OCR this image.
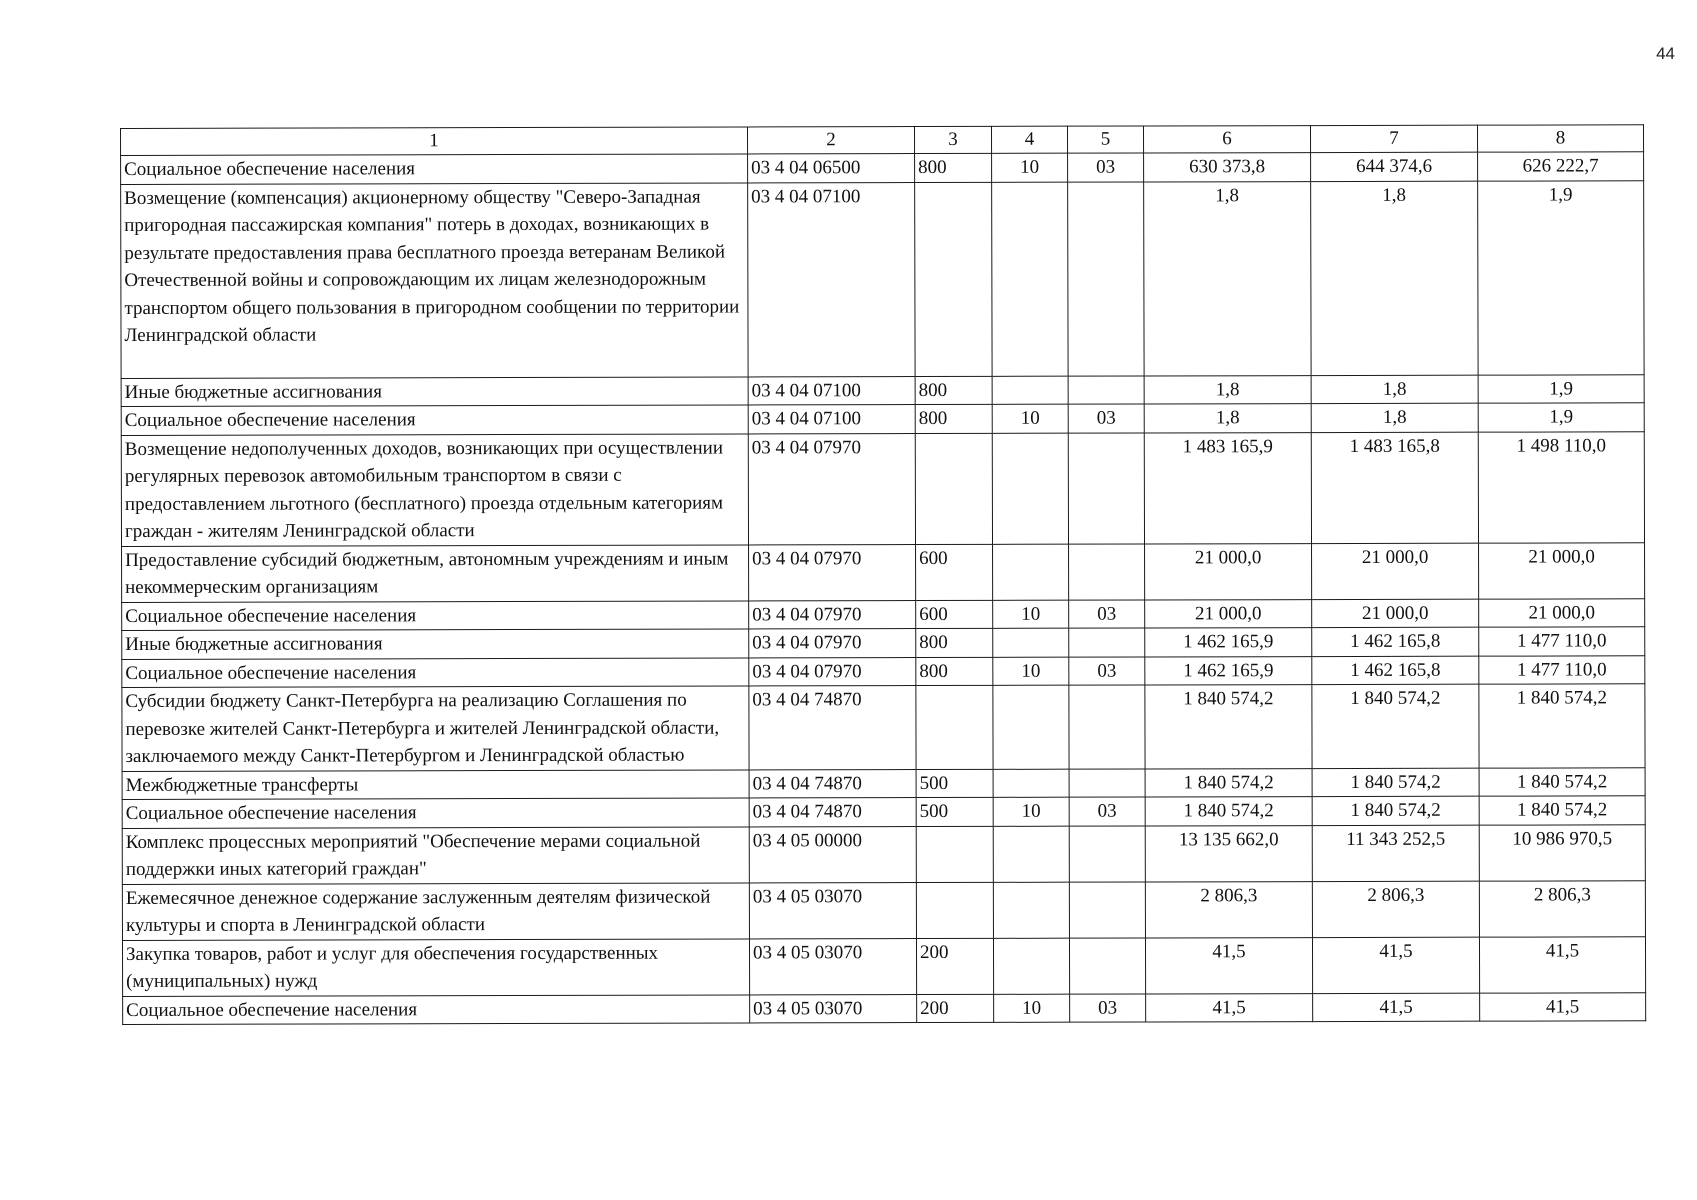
44
1	2	3	4	5	6	7	8
Социальное обеспечение населения	03 4 04 06500	800	10	03	630 373,8	644 374,6	626 222,7
Возмещение (компенсация) акционерному обществу "Северо-Западная пригородная пассажирская компания" потерь в доходах, возникающих в результате предоставления права бесплатного проезда ветеранам Великой Отечественной войны и сопровождающим их лицам железнодорожным транспортом общего пользования в пригородном сообщении по территории Ленинградской области	03 4 04 07100				1,8	1,8	1,9
Иные бюджетные ассигнования	03 4 04 07100	800			1,8	1,8	1,9
Социальное обеспечение населения	03 4 04 07100	800	10	03	1,8	1,8	1,9
Возмещение недополученных доходов, возникающих при осуществлении регулярных перевозок автомобильным транспортом в связи с предоставлением льготного (бесплатного) проезда отдельным категориям граждан - жителям Ленинградской области	03 4 04 07970				1 483 165,9	1 483 165,8	1 498 110,0
Предоставление субсидий бюджетным, автономным учреждениям и иным некоммерческим организациям	03 4 04 07970	600			21 000,0	21 000,0	21 000,0
Социальное обеспечение населения	03 4 04 07970	600	10	03	21 000,0	21 000,0	21 000,0
Иные бюджетные ассигнования	03 4 04 07970	800			1 462 165,9	1 462 165,8	1 477 110,0
Социальное обеспечение населения	03 4 04 07970	800	10	03	1 462 165,9	1 462 165,8	1 477 110,0
Субсидии бюджету Санкт-Петербурга на реализацию Соглашения по перевозке жителей Санкт-Петербурга и жителей Ленинградской области, заключаемого между Санкт-Петербургом и Ленинградской областью	03 4 04 74870				1 840 574,2	1 840 574,2	1 840 574,2
Межбюджетные трансферты	03 4 04 74870	500			1 840 574,2	1 840 574,2	1 840 574,2
Социальное обеспечение населения	03 4 04 74870	500	10	03	1 840 574,2	1 840 574,2	1 840 574,2
Комплекс процессных мероприятий "Обеспечение мерами социальной поддержки иных категорий граждан"	03 4 05 00000				13 135 662,0	11 343 252,5	10 986 970,5
Ежемесячное денежное содержание заслуженным деятелям физической культуры и спорта в Ленинградской области	03 4 05 03070				2 806,3	2 806,3	2 806,3
Закупка товаров, работ и услуг для обеспечения государственных (муниципальных) нужд	03 4 05 03070	200			41,5	41,5	41,5
Социальное обеспечение населения	03 4 05 03070	200	10	03	41,5	41,5	41,5
